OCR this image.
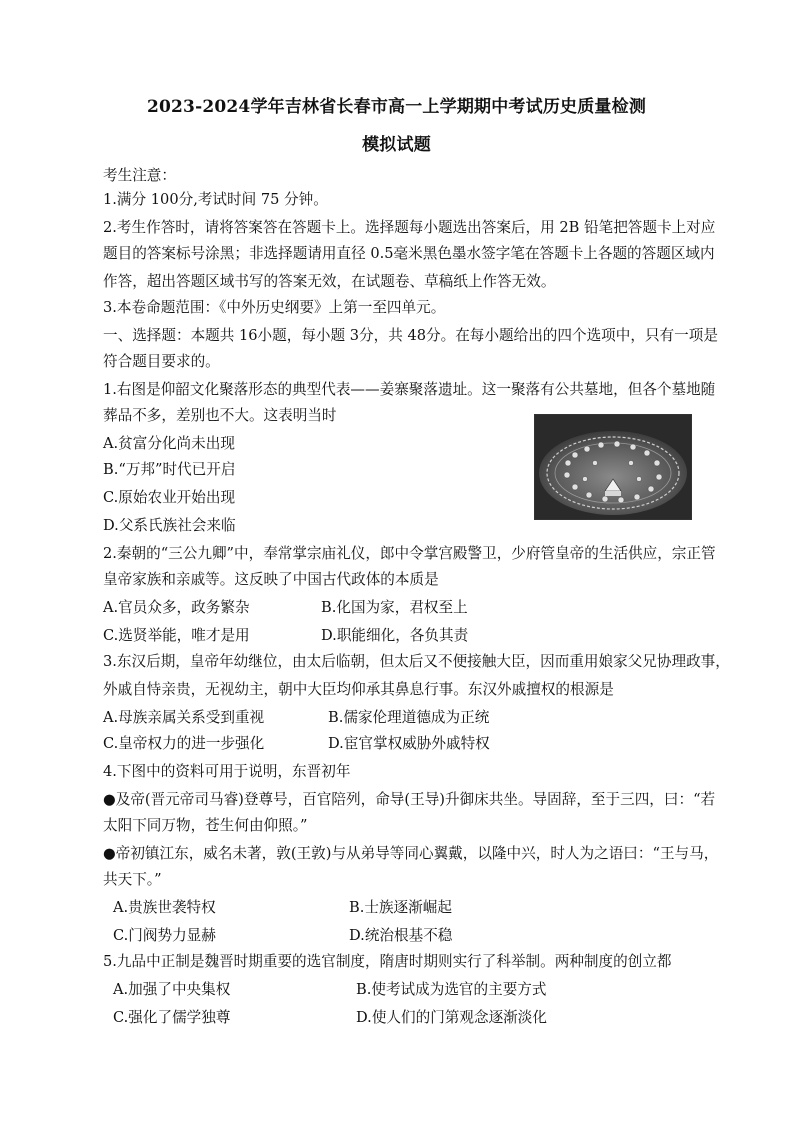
2023-2024学年吉林省长春市高一上学期期中考试历史质量检测
模拟试题
考生注意：
1.满分 100分,考试时间 75 分钟。
2.考生作答时，请将答案答在答题卡上。选择题每小题选出答案后，用 2B 铅笔把答题卡上对应
题目的答案标号涂黑；非选择题请用直径 0.5毫米黑色墨水签字笔在答题卡上各题的答题区域内
作答，超出答题区域书写的答案无效，在试题卷、草稿纸上作答无效。
3.本卷命题范围：《中外历史纲要》上第一至四单元。
一、选择题：本题共 16小题，每小题 3分，共 48分。在每小题给出的四个选项中，只有一项是
符合题目要求的。
1.右图是仰韶文化聚落形态的典型代表——姜寨聚落遗址。这一聚落有公共墓地，但各个墓地随
葬品不多，差别也不大。这表明当时
A.贫富分化尚未出现
B.“万邦”时代已开启
C.原始农业开始出现
D.父系氏族社会来临
2.秦朝的“三公九卿”中，奉常掌宗庙礼仪，郎中令掌宫殿警卫，少府管皇帝的生活供应，宗正管
皇帝家族和亲戚等。这反映了中国古代政体的本质是
A.官员众多，政务繁杂	B.化国为家，君权至上
C.选贤举能，唯才是用	D.职能细化，各负其责
3.东汉后期，皇帝年幼继位，由太后临朝，但太后又不便接触大臣，因而重用娘家父兄协理政事，
外戚自恃亲贵，无视幼主，朝中大臣均仰承其鼻息行事。东汉外戚擅权的根源是
A.母族亲属关系受到重视	B.儒家伦理道德成为正统
C.皇帝权力的进一步强化	D.宦官掌权威胁外戚特权
4.下图中的资料可用于说明，东晋初年
●及帝(晋元帝司马睿)登尊号，百官陪列，命导(王导)升御床共坐。导固辞，至于三四，曰：“若
太阳下同万物，苍生何由仰照。”
●帝初镇江东，威名未著，敦(王敦)与从弟导等同心翼戴，以隆中兴，时人为之语曰：“王与马，
共天下。”
A.贵族世袭特权	B.士族逐渐崛起
C.门阀势力显赫	D.统治根基不稳
5.九品中正制是魏晋时期重要的选官制度，隋唐时期则实行了科举制。两种制度的创立都
A.加强了中央集权	B.使考试成为选官的主要方式
C.强化了儒学独尊	D.使人们的门第观念逐渐淡化
